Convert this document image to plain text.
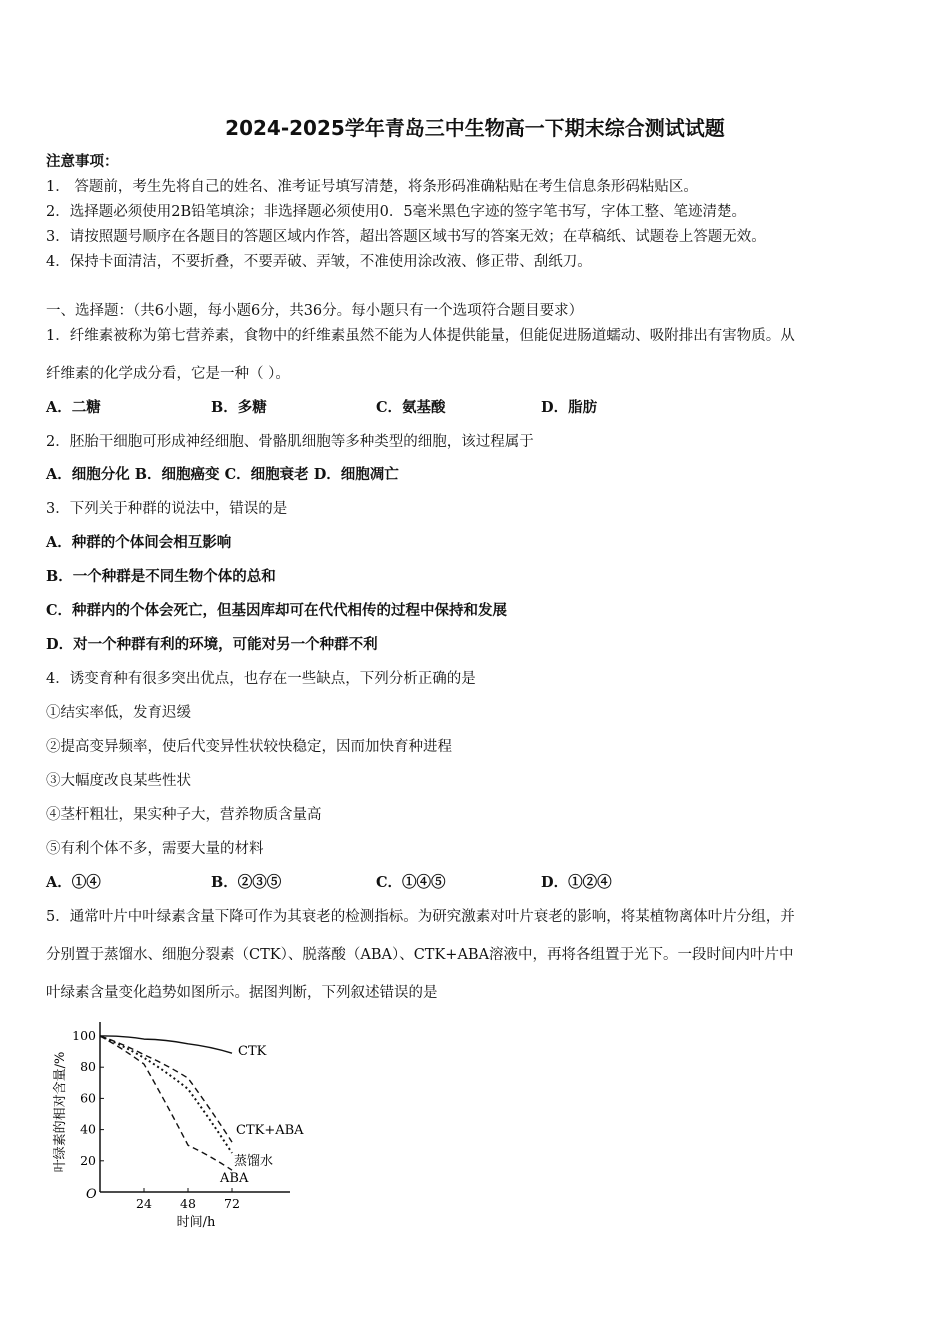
2024-2025学年青岛三中生物高一下期末综合测试试题
注意事项：
1． 答题前，考生先将自己的姓名、准考证号填写清楚，将条形码准确粘贴在考生信息条形码粘贴区。
2．选择题必须使用2B铅笔填涂；非选择题必须使用0．5毫米黑色字迹的签字笔书写，字体工整、笔迹清楚。
3．请按照题号顺序在各题目的答题区域内作答，超出答题区域书写的答案无效；在草稿纸、试题卷上答题无效。
4．保持卡面清洁，不要折叠，不要弄破、弄皱，不准使用涂改液、修正带、刮纸刀。
一、选择题：（共6小题，每小题6分，共36分。每小题只有一个选项符合题目要求）
1．纤维素被称为第七营养素，食物中的纤维素虽然不能为人体提供能量，但能促进肠道蠕动、吸附排出有害物质。从
纤维素的化学成分看，它是一种（ ）。
A．二糖	B．多糖	C．氨基酸	D．脂肪
2．胚胎干细胞可形成神经细胞、骨骼肌细胞等多种类型的细胞，该过程属于
A．细胞分化 B．细胞癌变 C．细胞衰老 D．细胞凋亡
3．下列关于种群的说法中，错误的是
A．种群的个体间会相互影响
B．一个种群是不同生物个体的总和
C．种群内的个体会死亡，但基因库却可在代代相传的过程中保持和发展
D．对一个种群有利的环境，可能对另一个种群不利
4．诱变育种有很多突出优点，也存在一些缺点，下列分析正确的是
①结实率低，发育迟缓
②提高变异频率，使后代变异性状较快稳定，因而加快育种进程
③大幅度改良某些性状
④茎杆粗壮，果实种子大，营养物质含量高
⑤有利个体不多，需要大量的材料
A．①④	B．②③⑤	C．①④⑤	D．①②④
5．通常叶片中叶绿素含量下降可作为其衰老的检测指标。为研究激素对叶片衰老的影响，将某植物离体叶片分组，并
分别置于蒸馏水、细胞分裂素（CTK）、脱落酸（ABA）、CTK+ABA溶液中，再将各组置于光下。一段时间内叶片中
叶绿素含量变化趋势如图所示。据图判断，下列叙述错误的是
O
20
40
60
80
100
24 48 72
时间/h
叶绿素的相对含量/%	CTK
CTK+ABA
蒸馏水
ABA
